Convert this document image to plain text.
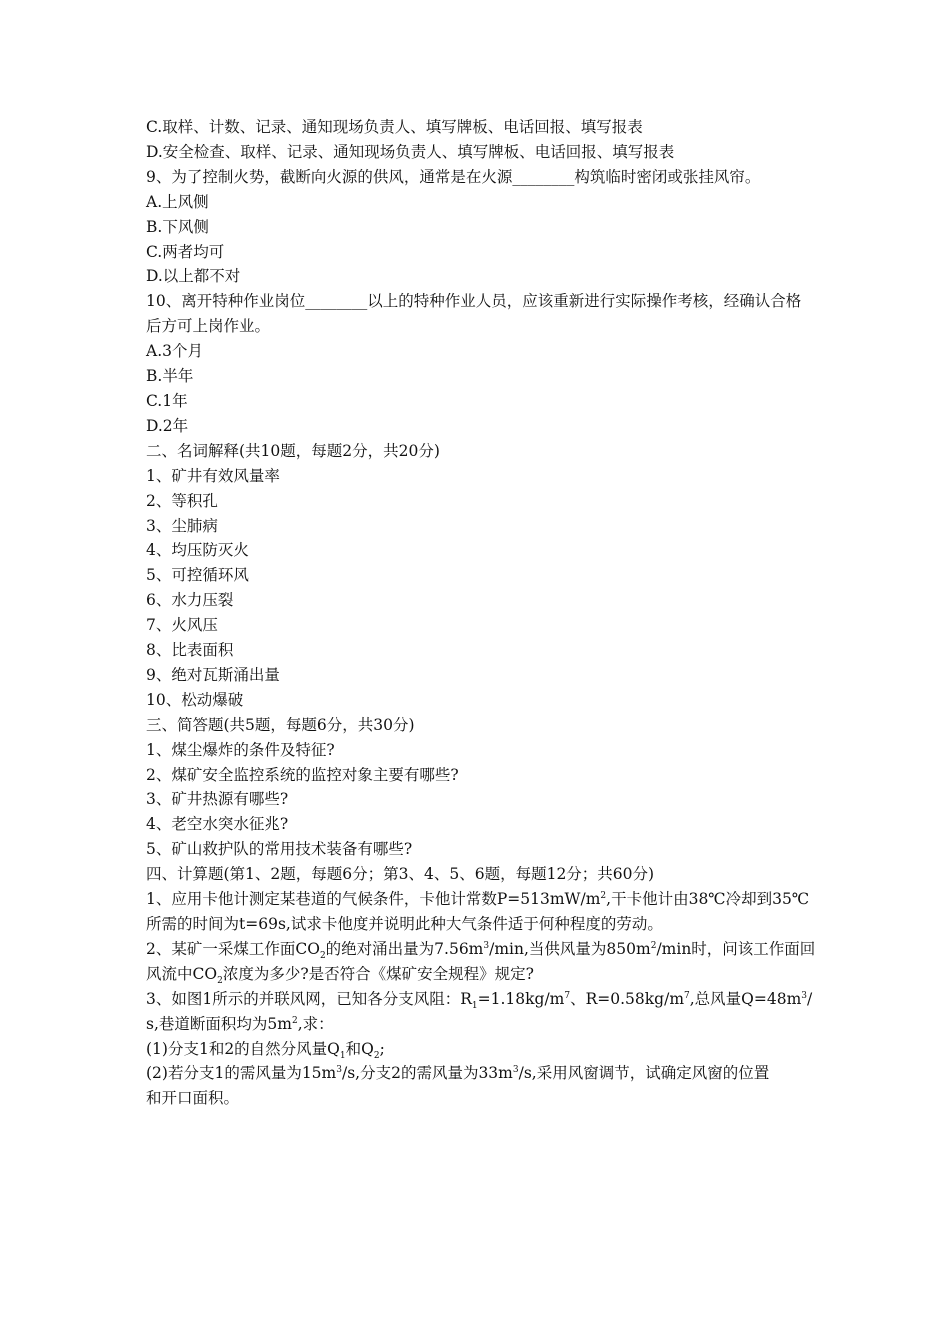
C.取样、计数、记录、通知现场负责人、填写牌板、电话回报、填写报表

D.安全检查、取样、记录、通知现场负责人、填写牌板、电话回报、填写报表

9、为了控制火势，截断向火源的供风，通常是在火源________构筑临时密闭或张挂风帘。

A.上风侧

B.下风侧

C.两者均可

D.以上都不对

10、离开特种作业岗位________以上的特种作业人员，应该重新进行实际操作考核，经确认合格后方可上岗作业。

A.3个月

B.半年

C.1年

D.2年

二、名词解释(共10题，每题2分，共20分)

1、矿井有效风量率

2、等积孔

3、尘肺病

4、均压防灭火

5、可控循环风

6、水力压裂

7、火风压

8、比表面积

9、绝对瓦斯涌出量

10、松动爆破

三、简答题(共5题，每题6分，共30分)

1、煤尘爆炸的条件及特征?

2、煤矿安全监控系统的监控对象主要有哪些?

3、矿井热源有哪些?

4、老空水突水征兆?

5、矿山救护队的常用技术装备有哪些?

四、计算题(第1、2题，每题6分；第3、4、5、6题，每题12分；共60分)

1、应用卡他计测定某巷道的气候条件，卡他计常数$P=513mW/m^2$,干卡他计由38℃冷却到35℃所需的时间为t=69s,试求卡他度并说明此种大气条件适于何种程度的劳动。

2、某矿一采煤工作面$CO_2$的绝对涌出量为$7.56m^3/\min$,当供风量为$850m^2/\min$时，问该工作面回风流中$CO_2$浓度为多少?是否符合《煤矿安全规程》规定?

3、如图1所示的并联风网，已知各分支风阻：$R_1=1.18kg/m^7$、$R=0.58kg/m^7$,总风量$Q=48m^3/s$,巷道断面积均为$5m^2$,求：

(1)分支1和2的自然分风量$Q_1$和$Q_2$;

(2)若分支1的需风量为$15m^3/s$,分支2的需风量为$33m^3/s$,采用风窗调节，试确定风窗的位置

和开口面积。
